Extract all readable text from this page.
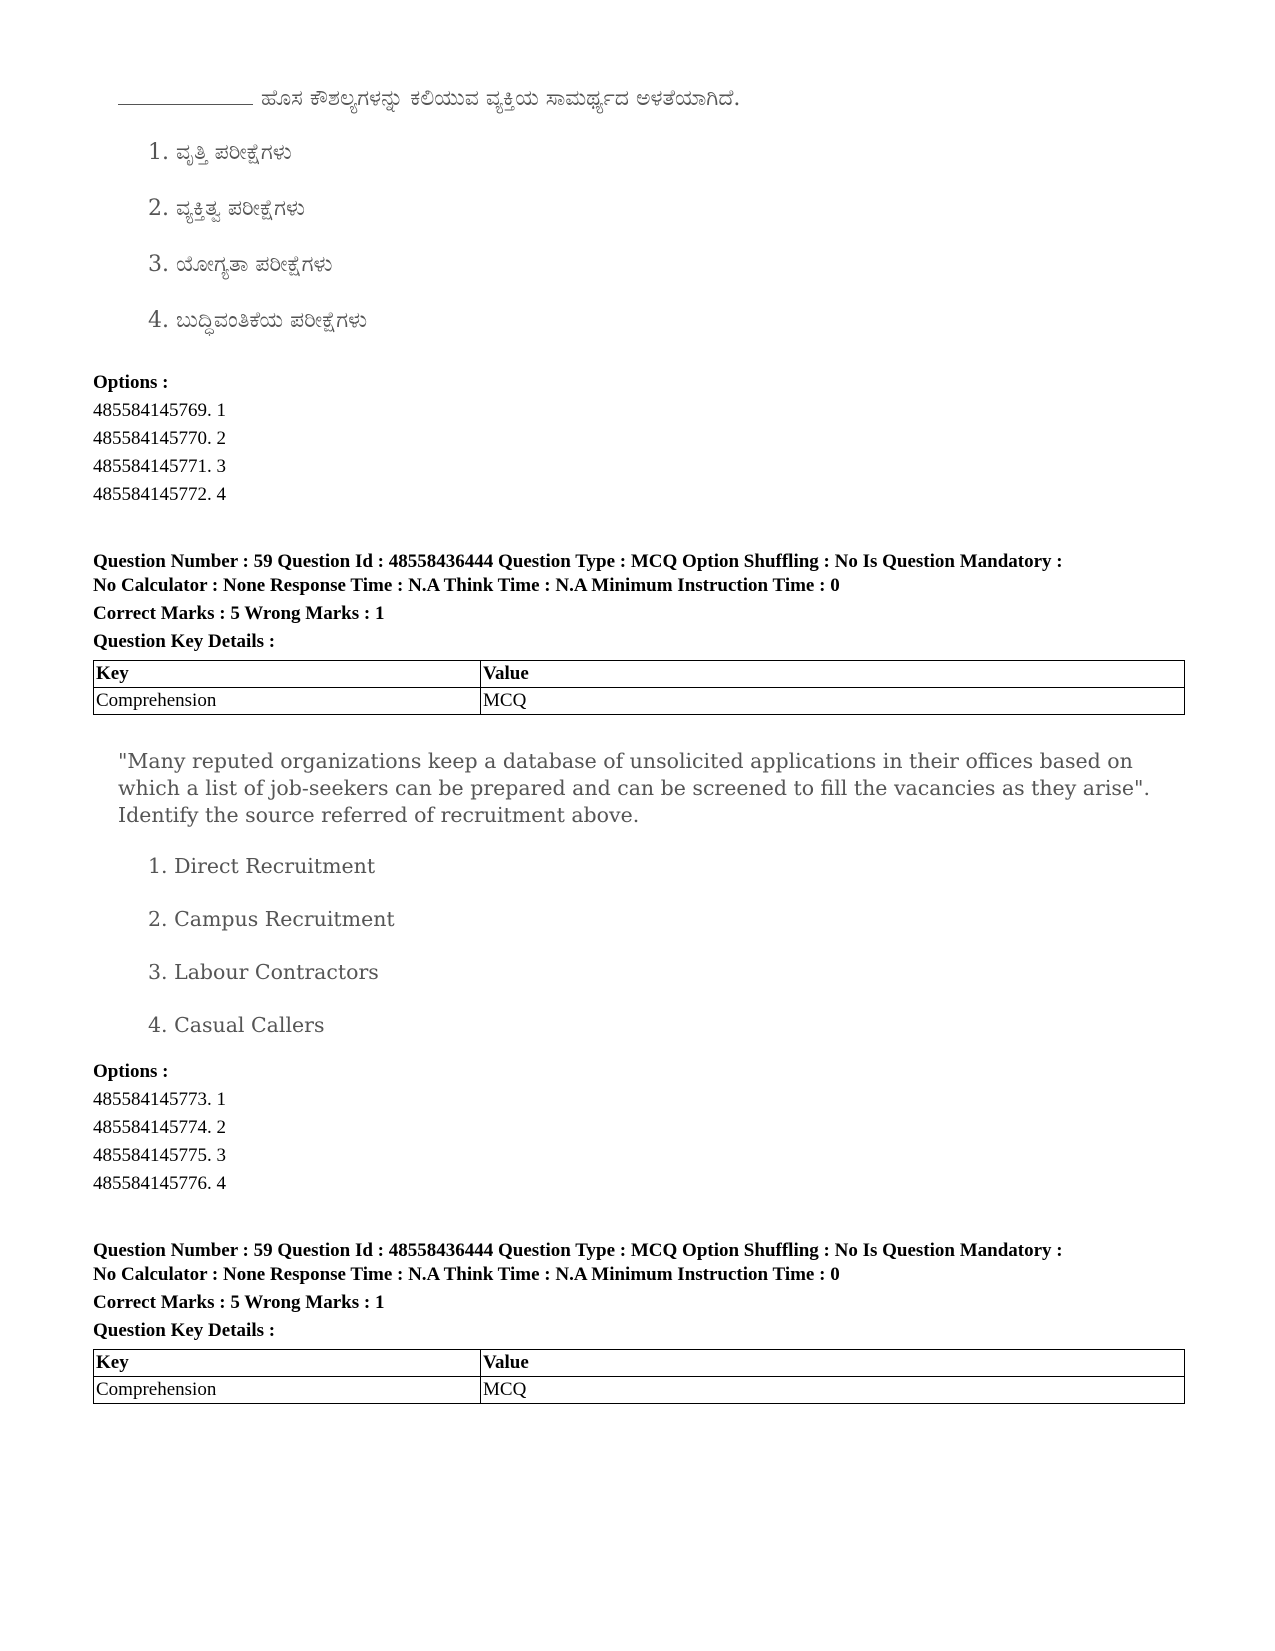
ಹೊಸ ಕೌಶಲ್ಯಗಳನ್ನು ಕಲಿಯುವ ವ್ಯಕ್ತಿಯ ಸಾಮರ್ಥ್ಯದ ಅಳತೆಯಾಗಿದೆ.
1. ವೃತ್ತಿ ಪರೀಕ್ಷೆಗಳು
2. ವ್ಯಕ್ತಿತ್ವ ಪರೀಕ್ಷೆಗಳು
3. ಯೋಗ್ಯತಾ ಪರೀಕ್ಷೆಗಳು
4. ಬುದ್ಧಿವಂತಿಕೆಯ ಪರೀಕ್ಷೆಗಳು
Options :
485584145769. 1
485584145770. 2
485584145771. 3
485584145772. 4
Question Number : 59 Question Id : 48558436444 Question Type : MCQ Option Shuffling : No Is Question Mandatory :
No Calculator : None Response Time : N.A Think Time : N.A Minimum Instruction Time : 0
Correct Marks : 5 Wrong Marks : 1
Question Key Details :
Key	Value
Comprehension	MCQ
"Many reputed organizations keep a database of unsolicited applications in their offices based on which a list of job-seekers can be prepared and can be screened to fill the vacancies as they arise". Identify the source referred of recruitment above.
1. Direct Recruitment
2. Campus Recruitment
3. Labour Contractors
4. Casual Callers
Options :
485584145773. 1
485584145774. 2
485584145775. 3
485584145776. 4
Question Number : 59 Question Id : 48558436444 Question Type : MCQ Option Shuffling : No Is Question Mandatory :
No Calculator : None Response Time : N.A Think Time : N.A Minimum Instruction Time : 0
Correct Marks : 5 Wrong Marks : 1
Question Key Details :
Key	Value
Comprehension	MCQ
